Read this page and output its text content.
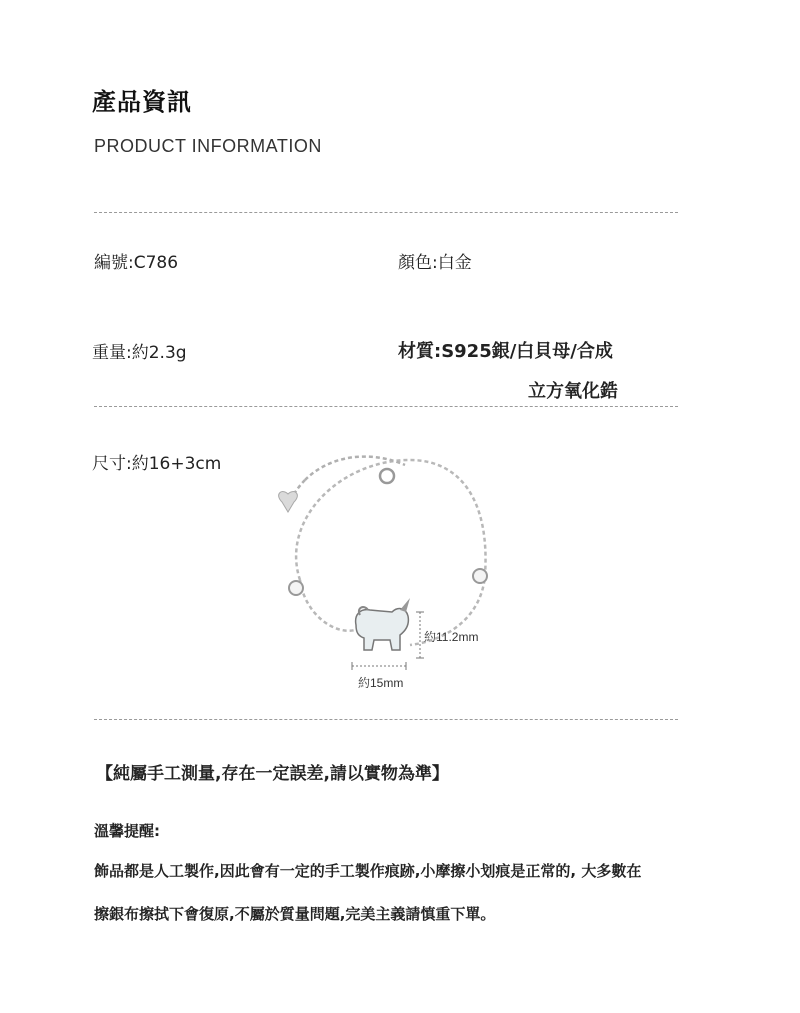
產品資訊
PRODUCT INFORMATION
編號:C786	顏色:白金
重量:約2.3g	材質:S925銀/白貝母/合成
立方氧化鋯
尺寸:約16+3cm
約11.2mm
約15mm
【純屬手工測量,存在一定誤差,請以實物為準】
溫馨提醒:
飾品都是人工製作,因此會有一定的手工製作痕跡,小摩擦小划痕是正常的, 大多數在
擦銀布擦拭下會復原,不屬於質量問題,完美主義請慎重下單。
